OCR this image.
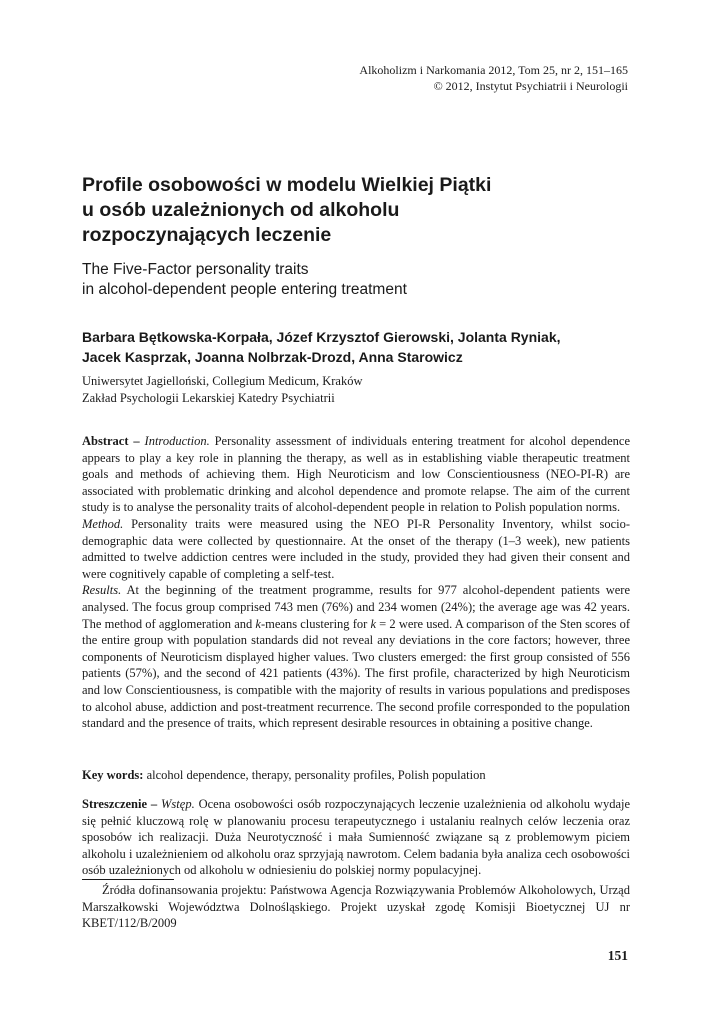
Alkoholizm i Narkomania 2012, Tom 25, nr 2, 151–165
© 2012, Instytut Psychiatrii i Neurologii
Profile osobowości w modelu Wielkiej Piątki
u osób uzależnionych od alkoholu
rozpoczynających leczenie
The Five-Factor personality traits
in alcohol-dependent people entering treatment
Barbara Bętkowska-Korpała, Józef Krzysztof Gierowski, Jolanta Ryniak,
Jacek Kasprzak, Joanna Nolbrzak-Drozd, Anna Starowicz
Uniwersytet Jagielloński, Collegium Medicum, Kraków
Zakład Psychologii Lekarskiej Katedry Psychiatrii

Abstract – Introduction. Personality assessment of individuals entering treatment for alcohol dependence appears to play a key role in planning the therapy, as well as in establishing viable therapeutic treatment goals and methods of achieving them. High Neuroticism and low Conscientiousness (NEO-PI-R) are associated with problematic drinking and alcohol dependence and promote relapse. The aim of the current study is to analyse the personality traits of alcohol-dependent people in relation to Polish population norms.

Method. Personality traits were measured using the NEO PI-R Personality Inventory, whilst socio-demographic data were collected by questionnaire. At the onset of the therapy (1–3 week), new patients admitted to twelve addiction centres were included in the study, provided they had given their consent and were cognitively capable of completing a self-test.

Results. At the beginning of the treatment programme, results for 977 alcohol-dependent patients were analysed. The focus group comprised 743 men (76%) and 234 women (24%); the average age was 42 years. The method of agglomeration and k-means clustering for k = 2 were used. A comparison of the Sten scores of the entire group with population standards did not reveal any deviations in the core factors; however, three components of Neuroticism displayed higher values. Two clusters emerged: the first group consisted of 556 patients (57%), and the second of 421 patients (43%). The first profile, characterized by high Neuroticism and low Conscientiousness, is compatible with the majority of results in various populations and predisposes to alcohol abuse, addiction and post-treatment recurrence. The second profile corresponded to the population standard and the presence of traits, which represent desirable resources in obtaining a positive change.

Key words: alcohol dependence, therapy, personality profiles, Polish population

Streszczenie – Wstęp. Ocena osobowości osób rozpoczynających leczenie uzależnienia od alkoholu wydaje się pełnić kluczową rolę w planowaniu procesu terapeutycznego i ustalaniu realnych celów leczenia oraz sposobów ich realizacji. Duża Neurotyczność i mała Sumienność związane są z problemowym piciem alkoholu i uzależnieniem od alkoholu oraz sprzyjają nawrotom. Celem badania była analiza cech osobowości osób uzależnionych od alkoholu w odniesieniu do polskiej normy populacyjnej.

Źródła dofinansowania projektu: Państwowa Agencja Rozwiązywania Problemów Alkoholowych, Urząd Marszałkowski Województwa Dolnośląskiego. Projekt uzyskał zgodę Komisji Bioetycznej UJ nr KBET/112/B/2009

151
